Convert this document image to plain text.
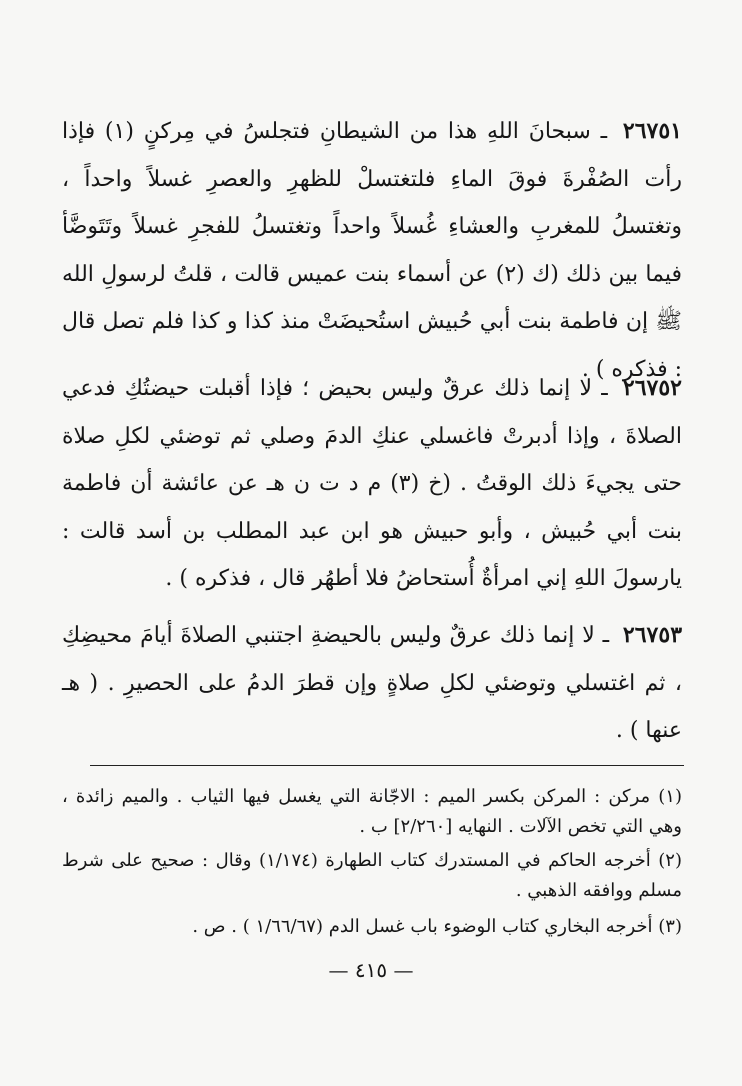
٢٦٧٥١ ـ سبحانَ اللهِ هذا من الشيطانِ فتجلسُ في مِركنٍ (١) فإذا رأت الصُفْرةَ فوقَ الماءِ فلتغتسلْ للظهرِ والعصرِ غسلاً واحداً ، وتغتسلُ للمغربِ والعشاءِ غُسلاً واحداً وتغتسلُ للفجرِ غسلاً وتَتَوضَّأ فيما بين ذلك (ك (٢) عن أسماء بنت عميس قالت ، قلتُ لرسولِ الله ﷺ إن فاطمة بنت أبي حُبيش استُحيضَتْ منذ كذا و كذا فلم تصل قال : فذكره ) .

٢٦٧٥٢ ـ لا إنما ذلك عرقٌ وليس بحيض ؛ فإذا أقبلت حيضتُكِ فدعي الصلاةَ ، وإذا أدبرتْ فاغسلي عنكِ الدمَ وصلي ثم توضئي لكلِ صلاة حتى يجيءَ ذلك الوقتُ . (خ (٣) م د ت ن هـ عن عائشة أن فاطمة بنت أبي حُبيش ، وأبو حبيش هو ابن عبد المطلب بن أسد قالت : يارسولَ اللهِ إني امرأةٌ أُستحاضُ فلا أطهُر قال ، فذكره ) .

٢٦٧٥٣ ـ لا إنما ذلك عرقٌ وليس بالحيضةِ اجتنبي الصلاةَ أيامَ محيضِكِ ، ثم اغتسلي وتوضئي لكلِ صلاةٍ وإن قطرَ الدمُ على الحصيرِ . ( هـ عنها ) .

(١) مركن : المركن بكسر الميم : الاجّانة التي يغسل فيها الثياب . والميم زائدة ، وهي التي تخص الآلات . النهايه [٢/٢٦٠] ب .

(٢) أخرجه الحاكم في المستدرك كتاب الطهارة (١/١٧٤) وقال : صحيح على شرط مسلم ووافقه الذهبي .

(٣) أخرجه البخاري كتاب الوضوء باب غسل الدم (١/٦٦/٦٧ ) . ص .

— ٤١٥ —
